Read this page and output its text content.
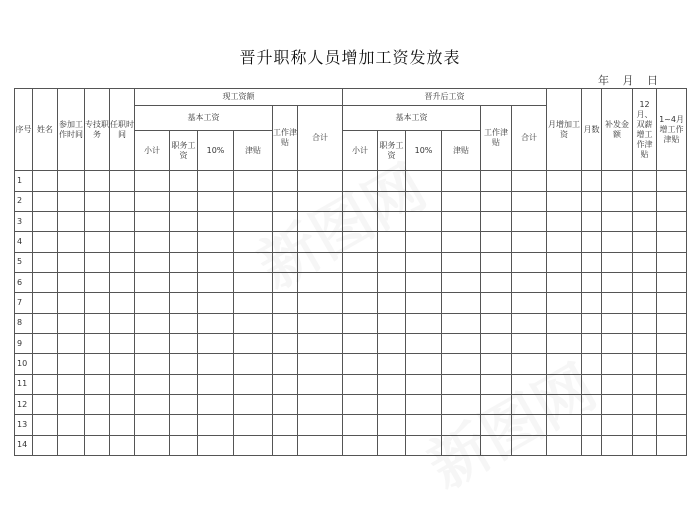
晋升职称人员增加工资发放表
年 月 日
序号	姓名	参加工作时间	专技职务	任职时间	现工资额						晋升后工资						月增加工资	月数	补发金额	12月、双薪增工作津贴	1~4月增工作津贴
					基本工资				工作津贴	合计	基本工资				工作津贴	合计					
					小计	职务工资	10%	津贴			小计	职务工资	10%	津贴							
1																					
2																					
3																					
4																					
5																					
6																					
7																					
8																					
9																					
10																					
11																					
12																					
13																					
14																					
